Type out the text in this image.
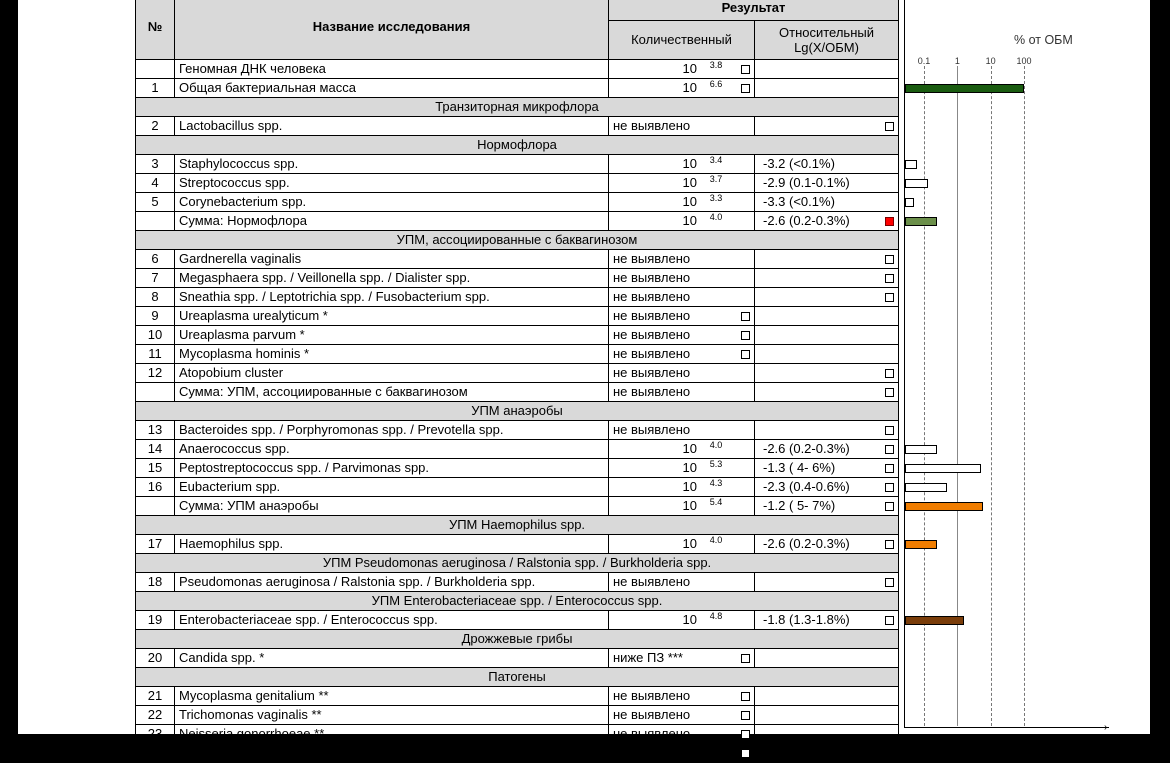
№	Название исследования	Результат	
		Количественный	Относительный
Lg(X/ОБМ)
	Геномная ДНК человека	10 3.8	

1	Общая бактериальная масса	10 6.6	

Транзиторная микрофлора			
2	Lactobacillus spp.	не выявлено	

Нормофлора			
3	Staphylococcus spp.	10 3.4	-3.2 (<0.1%)

4	Streptococcus spp.	10 3.7	-2.9 (0.1-0.1%)

5	Corynebacterium spp.	10 3.3	-3.3 (<0.1%)

	Сумма: Нормофлора	10 4.0	-2.6 (0.2-0.3%)

УПМ, ассоциированные с баквагинозом			
6	Gardnerella vaginalis	не выявлено	

7	Megasphaera spp. / Veillonella spp. / Dialister spp.	не выявлено	

8	Sneathia spp. / Leptotrichia spp. / Fusobacterium spp.	не выявлено	

9	Ureaplasma urealyticum *	не выявлено	

10	Ureaplasma parvum *	не выявлено	

11	Mycoplasma hominis *	не выявлено	

12	Atopobium cluster	не выявлено	

	Сумма: УПМ, ассоциированные с баквагинозом	не выявлено	

УПМ анаэробы			
13	Bacteroides spp. / Porphyromonas spp. / Prevotella spp.	не выявлено	

14	Anaerococcus spp.	10 4.0	-2.6 (0.2-0.3%)

15	Peptostreptococcus spp. / Parvimonas spp.	10 5.3	-1.3 ( 4- 6%)

16	Eubacterium spp.	10 4.3	-2.3 (0.4-0.6%)

	Сумма: УПМ анаэробы	10 5.4	-1.2 ( 5- 7%)

УПМ Haemophilus spp.			
17	Haemophilus spp.	10 4.0	-2.6 (0.2-0.3%)

УПМ Pseudomonas aeruginosa / Ralstonia spp. / Burkholderia spp.			
18	Pseudomonas aeruginosa / Ralstonia spp. / Burkholderia spp.	не выявлено	

УПМ Enterobacteriaceae spp. / Enterococcus spp.			
19	Enterobacteriaceae spp. / Enterococcus spp.	10 4.8	-1.8 (1.3-1.8%)

Дрожжевые грибы			
20	Candida spp. *	ниже ПЗ ***	

Патогены			
21	Mycoplasma genitalium **	не выявлено	

22	Trichomonas vaginalis **	не выявлено	

23	Neisseria gonorrhoeae **	не выявлено	

24	Chlamydia trachomatis **	не выявлено	

% от ОБМ
0.1	1	10 100
›
